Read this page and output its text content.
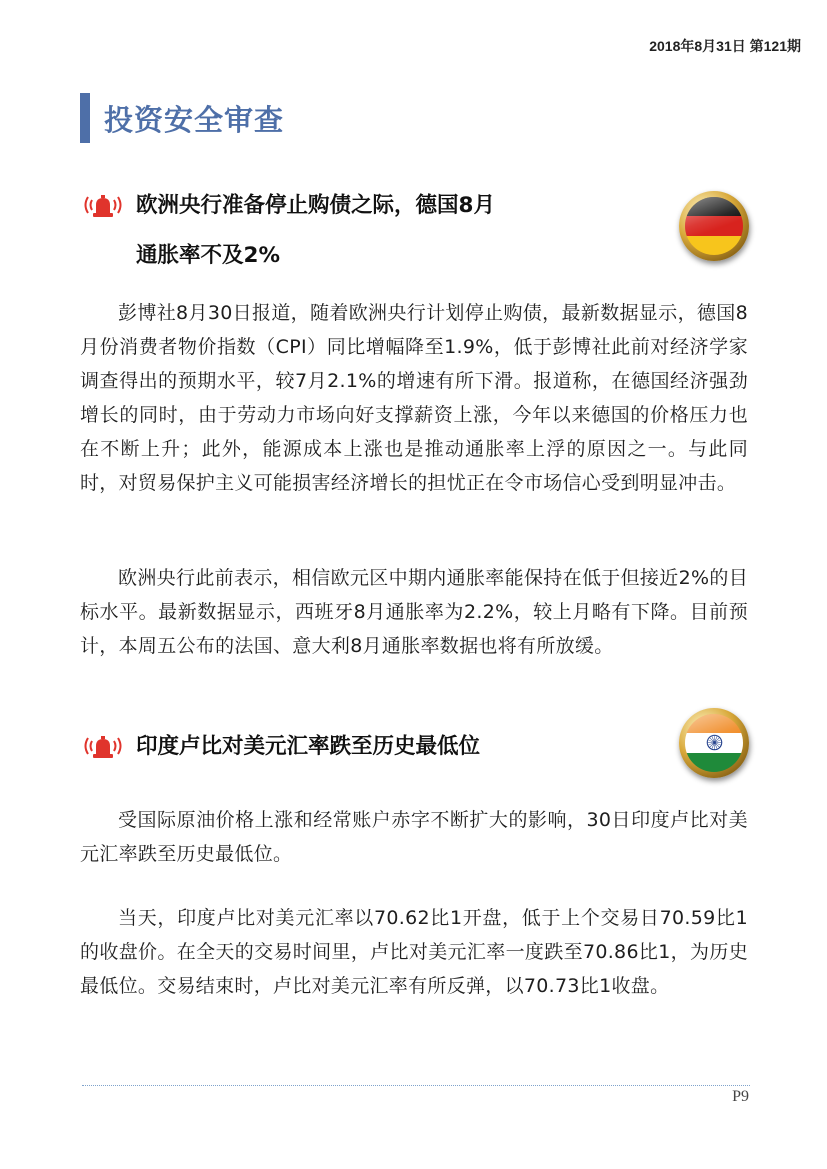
2018年8月31日 第121期
投资安全审查
欧洲央行准备停止购债之际，德国8月
通胀率不及2%

彭博社8月30日报道，随着欧洲央行计划停止购债，最新数据显示，德国8月份消费者物价指数（CPI）同比增幅降至1.9%，低于彭博社此前对经济学家调查得出的预期水平，较7月2.1%的增速有所下滑。报道称，在德国经济强劲增长的同时，由于劳动力市场向好支撑薪资上涨，今年以来德国的价格压力也在不断上升；此外，能源成本上涨也是推动通胀率上浮的原因之一。与此同时，对贸易保护主义可能损害经济增长的担忧正在令市场信心受到明显冲击。

欧洲央行此前表示，相信欧元区中期内通胀率能保持在低于但接近2%的目标水平。最新数据显示，西班牙8月通胀率为2.2%，较上月略有下降。目前预计，本周五公布的法国、意大利8月通胀率数据也将有所放缓。

印度卢比对美元汇率跌至历史最低位

受国际原油价格上涨和经常账户赤字不断扩大的影响，30日印度卢比对美元汇率跌至历史最低位。

当天，印度卢比对美元汇率以70.62比1开盘，低于上个交易日70.59比1的收盘价。在全天的交易时间里，卢比对美元汇率一度跌至70.86比1，为历史最低位。交易结束时，卢比对美元汇率有所反弹，以70.73比1收盘。

P9
